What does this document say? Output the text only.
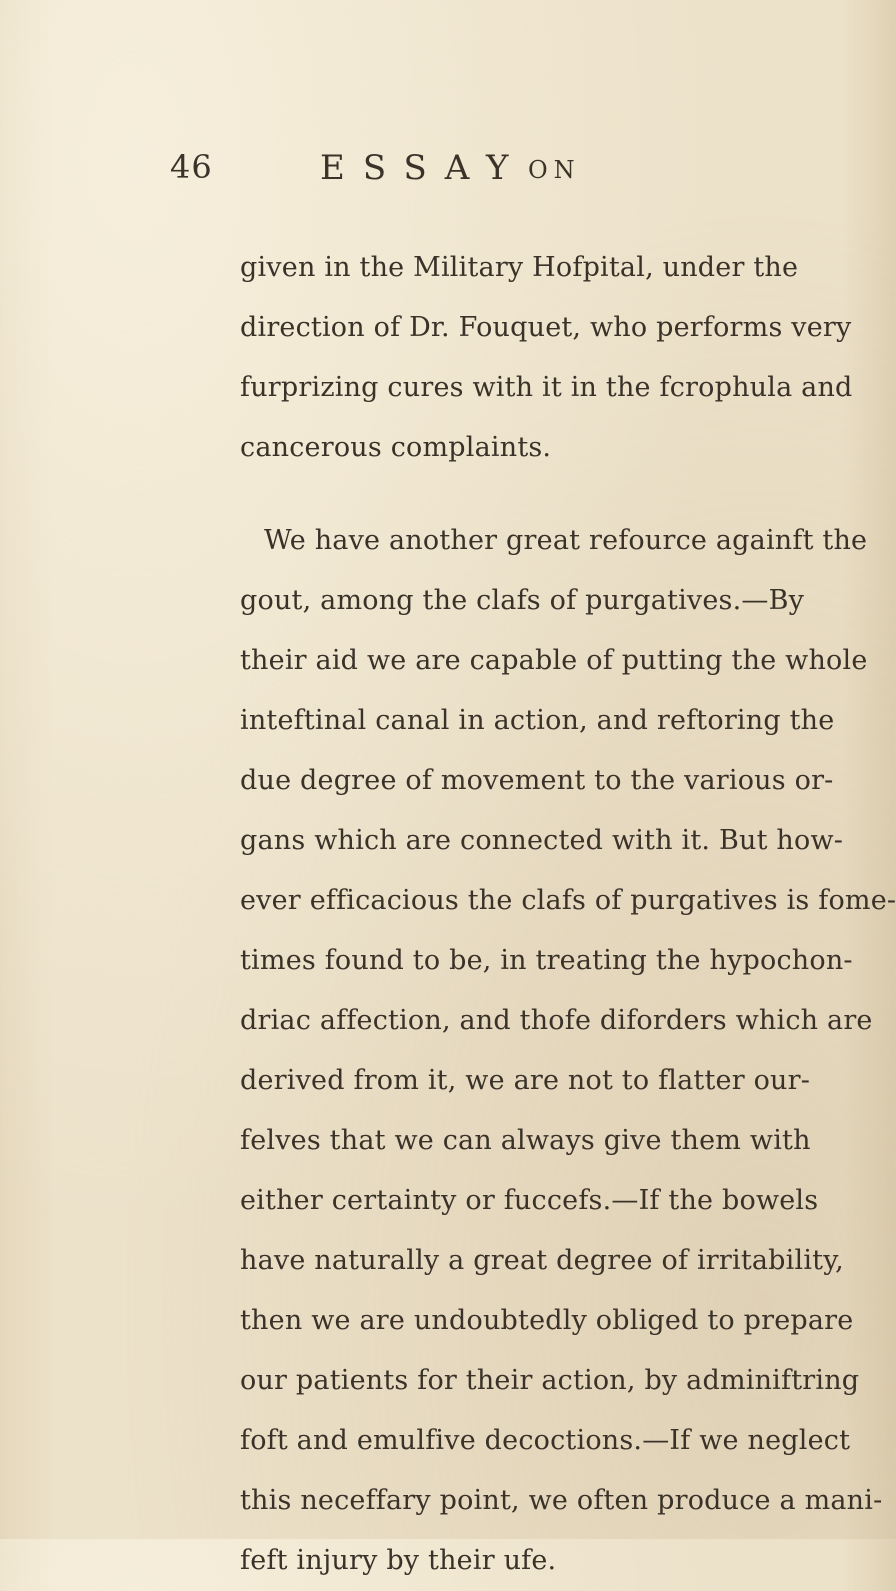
46	ESSAY ON
given in the Military Hofpital, under the
direction of Dr. Fouquet, who performs very
furprizing cures with it in the fcrophula and
cancerous complaints.
We have another great refource againft the
gout, among the clafs of purgatives.—By
their aid we are capable of putting the whole
inteftinal canal in action, and reftoring the
due degree of movement to the various or-
gans which are connected with it. But how-
ever efficacious the clafs of purgatives is fome-
times found to be, in treating the hypochon-
driac affection, and thofe diforders which are
derived from it, we are not to flatter our-
felves that we can always give them with
either certainty or fuccefs.—If the bowels
have naturally a great degree of irritability,
then we are undoubtedly obliged to prepare
our patients for their action, by adminiftring
foft and emulfive decoctions.—If we neglect
this neceffary point, we often produce a mani-
feft injury by their ufe.
